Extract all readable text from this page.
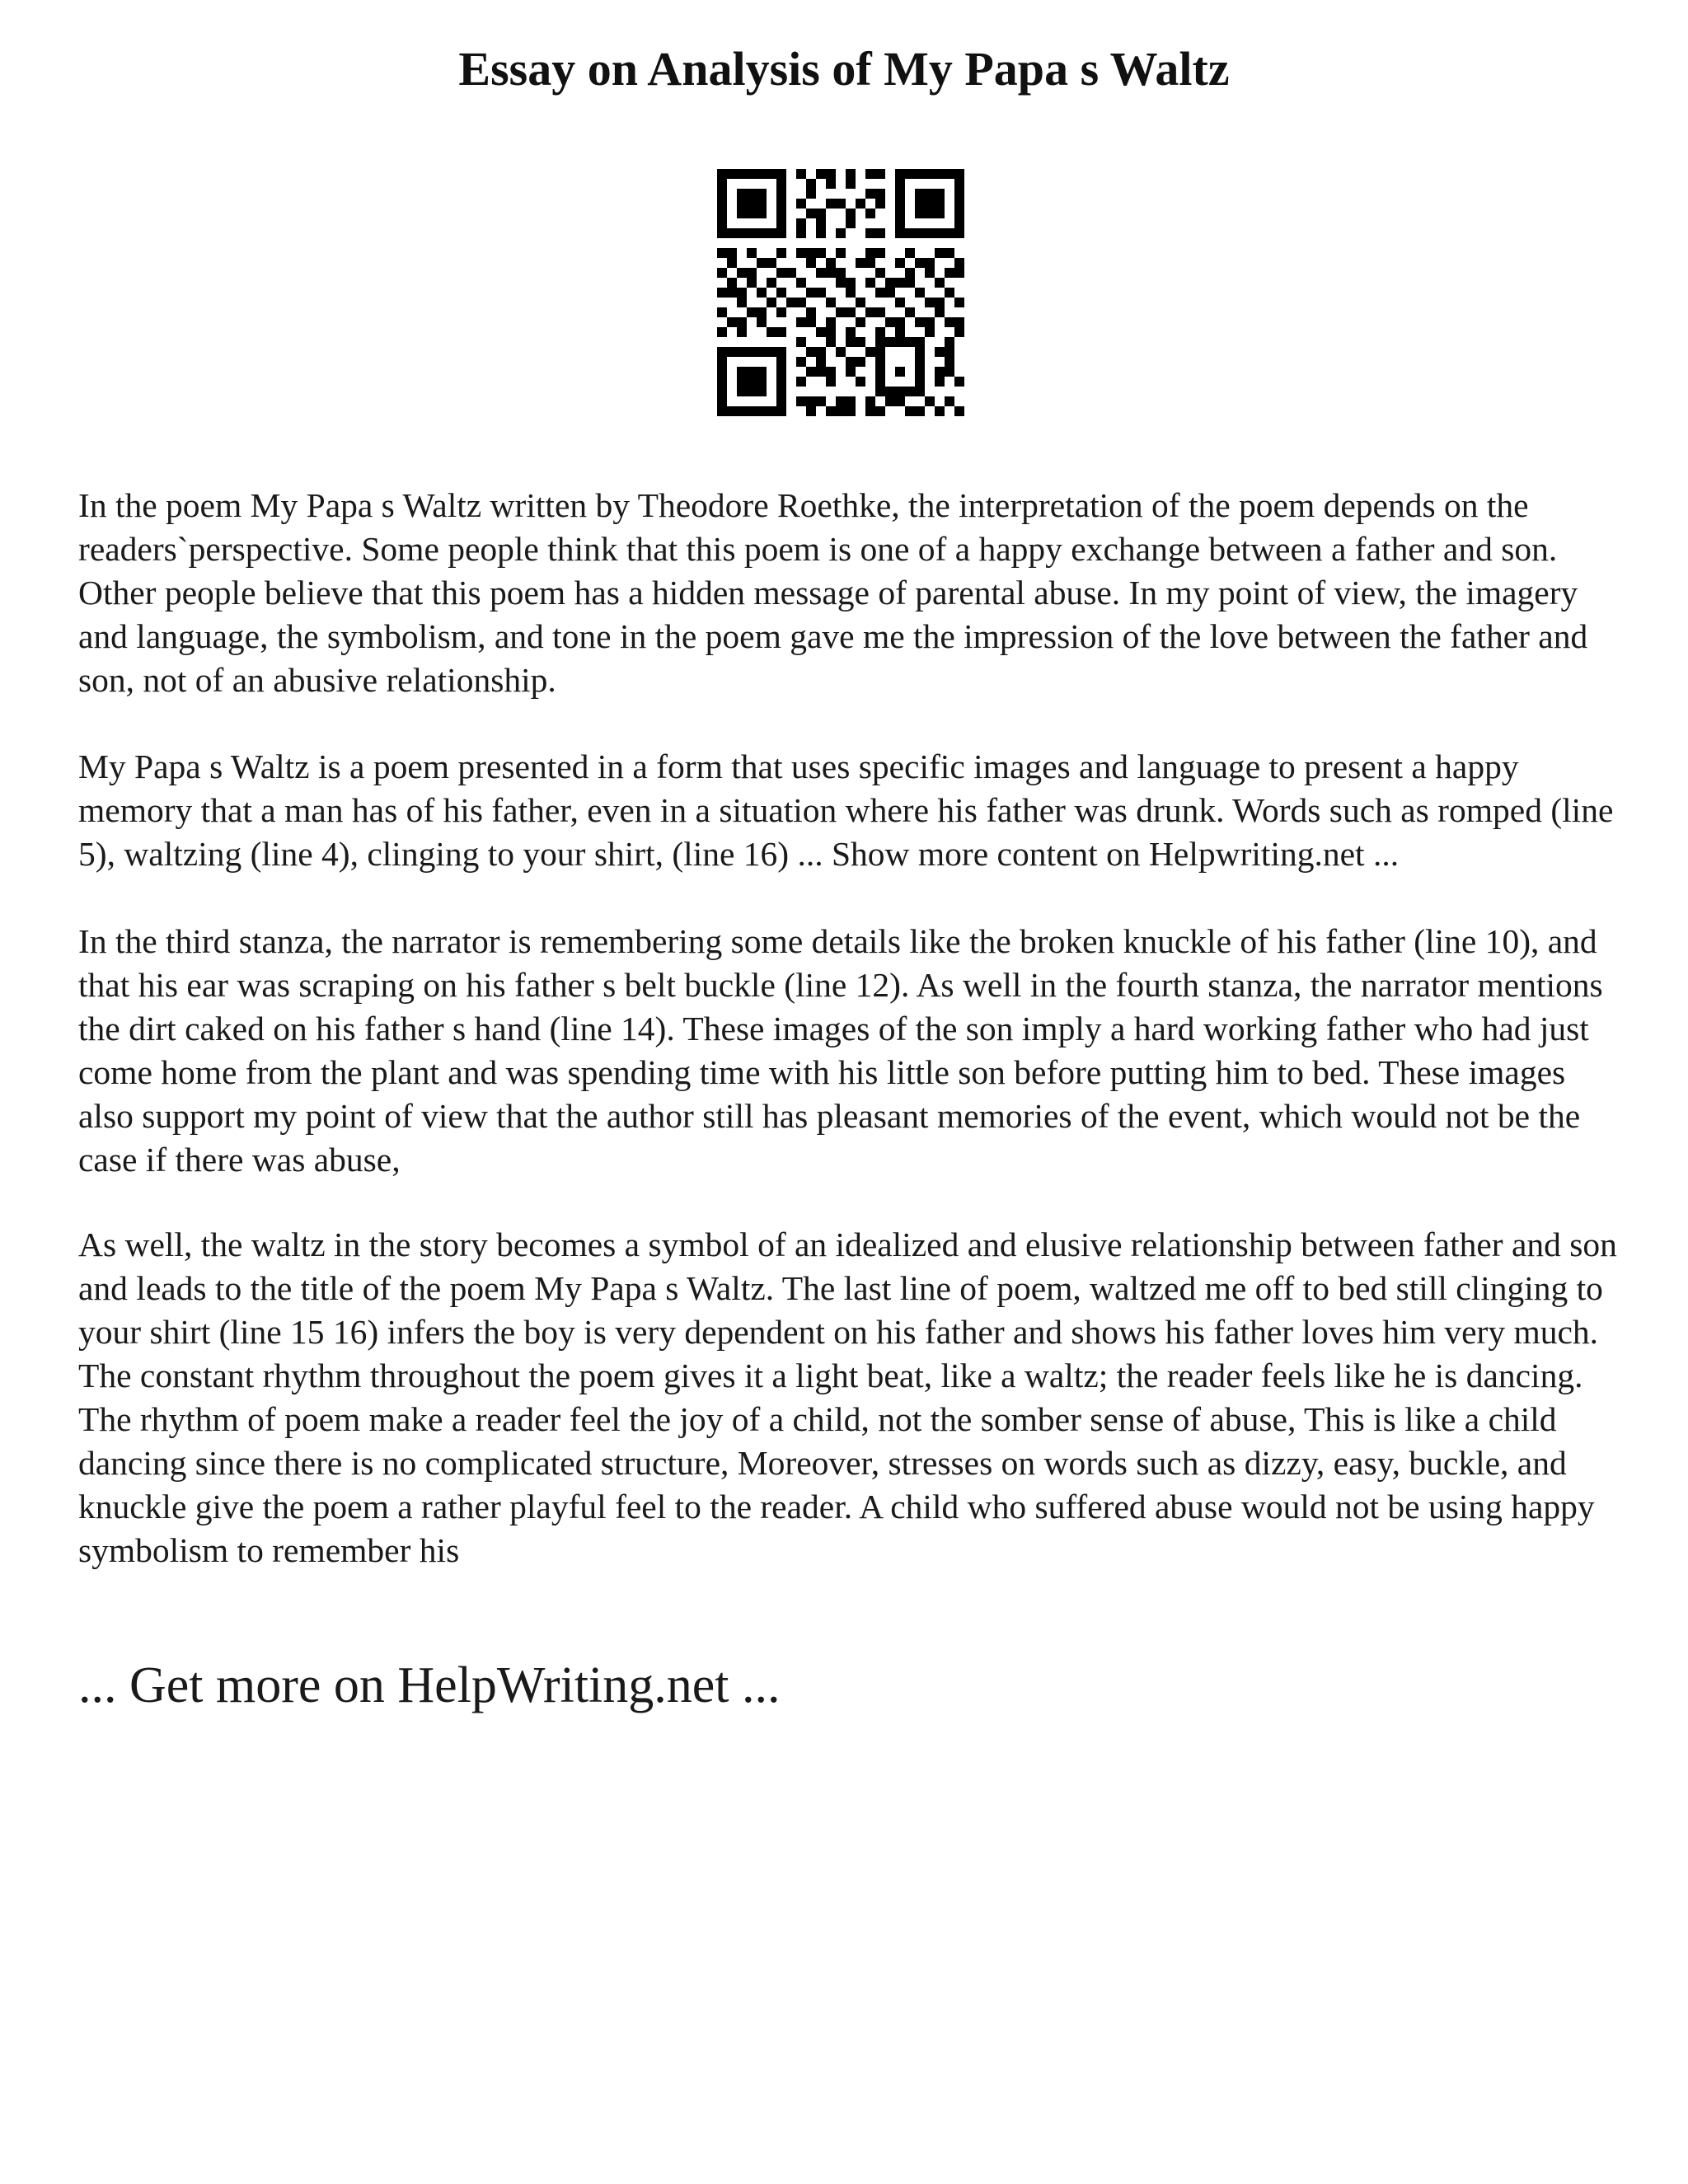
Essay on Analysis of My Papa s Waltz

In the poem My Papa s Waltz written by Theodore Roethke, the interpretation of the poem depends on the readers`perspective. Some people think that this poem is one of a happy exchange between a father and son. Other people believe that this poem has a hidden message of parental abuse. In my point of view, the imagery and language, the symbolism, and tone in the poem gave me the impression of the love between the father and son, not of an abusive relationship.

My Papa s Waltz is a poem presented in a form that uses specific images and language to present a happy memory that a man has of his father, even in a situation where his father was drunk. Words such as romped (line 5), waltzing (line 4), clinging to your shirt, (line 16) ... Show more content on Helpwriting.net ...

In the third stanza, the narrator is remembering some details like the broken knuckle of his father (line 10), and that his ear was scraping on his father s belt buckle (line 12). As well in the fourth stanza, the narrator mentions the dirt caked on his father s hand (line 14). These images of the son imply a hard working father who had just come home from the plant and was spending time with his little son before putting him to bed. These images also support my point of view that the author still has pleasant memories of the event, which would not be the case if there was abuse,

As well, the waltz in the story becomes a symbol of an idealized and elusive relationship between father and son and leads to the title of the poem My Papa s Waltz. The last line of poem, waltzed me off to bed still clinging to your shirt (line 15 16) infers the boy is very dependent on his father and shows his father loves him very much. The constant rhythm throughout the poem gives it a light beat, like a waltz; the reader feels like he is dancing. The rhythm of poem make a reader feel the joy of a child, not the somber sense of abuse, This is like a child dancing since there is no complicated structure, Moreover, stresses on words such as dizzy, easy, buckle, and knuckle give the poem a rather playful feel to the reader. A child who suffered abuse would not be using happy symbolism to remember his

... Get more on HelpWriting.net ...
